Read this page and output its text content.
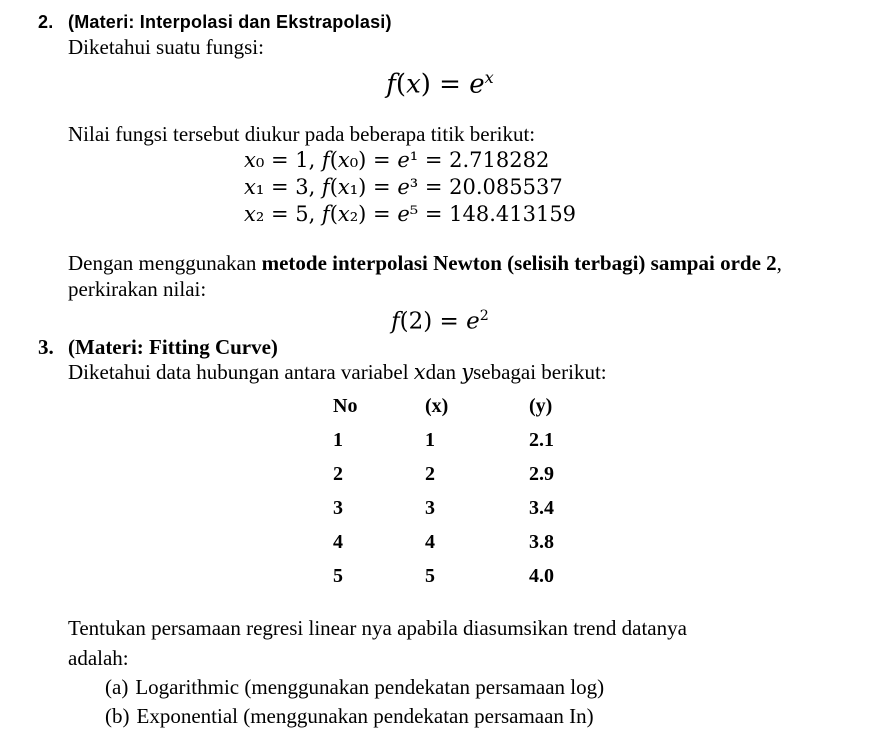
2. (Materi: Interpolasi dan Ekstrapolasi)

Diketahui suatu fungsi:

$f(x) = e^x$

Nilai fungsi tersebut diukur pada beberapa titik berikut:

x₀ = 1, f(x₀) = e¹ = 2.718282
x₁ = 3, f(x₁) = e³ = 20.085537
x₂ = 5, f(x₂) = e⁵ = 148.413159

Dengan menggunakan metode interpolasi Newton (selisih terbagi) sampai orde 2,

perkirakan nilai:

$f(2) = e^2$
3. (Materi: Fitting Curve)

Diketahui data hubungan antara variabel xdan ysebagai berikut:

No	(x)	(y)
1	1	2.1
2	2	2.9
3	3	3.4
4	4	3.8
5	5	4.0

Tentukan persamaan regresi linear nya apabila diasumsikan trend datanya

adalah:

(a) Logarithmic (menggunakan pendekatan persamaan log)
(b) Exponential (menggunakan pendekatan persamaan In)
